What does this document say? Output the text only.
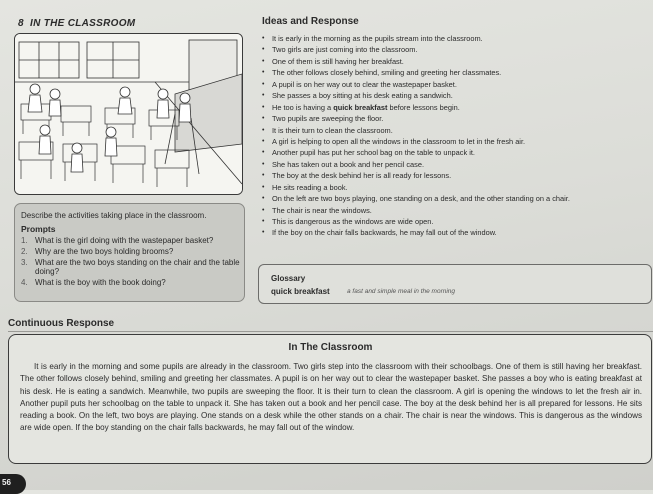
8 IN THE CLASSROOM
Describe the activities taking place in the classroom.
Prompts
1. What is the girl doing with the wastepaper basket?
2. Why are the two boys holding brooms?
3. What are the two boys standing on the chair and the table doing?
4. What is the boy with the book doing?
Ideas and Response
• It is early in the morning as the pupils stream into the classroom.
• Two girls are just coming into the classroom.
• One of them is still having her breakfast.
• The other follows closely behind, smiling and greeting her classmates.
• A pupil is on her way out to clear the wastepaper basket.
• She passes a boy sitting at his desk eating a sandwich.
• He too is having a quick breakfast before lessons begin.
• Two pupils are sweeping the floor.
• It is their turn to clean the classroom.
• A girl is helping to open all the windows in the classroom to let in the fresh air.
• Another pupil has put her school bag on the table to unpack it.
• She has taken out a book and her pencil case.
• The boy at the desk behind her is all ready for lessons.
• He sits reading a book.
• On the left are two boys playing, one standing on a desk, and the other standing on a chair.
• The chair is near the windows.
• This is dangerous as the windows are wide open.
• If the boy on the chair falls backwards, he may fall out of the window.
Glossary
quick breakfast	a fast and simple meal in the morning
Continuous Response
In The Classroom

It is early in the morning and some pupils are already in the classroom. Two girls step into the classroom with their schoolbags. One of them is still having her breakfast. The other follows closely behind, smiling and greeting her classmates. A pupil is on her way out to clear the wastepaper basket. She passes a boy who is eating breakfast at his desk. He is eating a sandwich. Meanwhile, two pupils are sweeping the floor. It is their turn to clean the classroom. A girl is opening the windows to let the fresh air in. Another pupil puts her schoolbag on the table to unpack it. She has taken out a book and her pencil case. The boy at the desk behind her is all prepared for lessons. He sits reading a book. On the left, two boys are playing. One stands on a desk while the other stands on a chair. The chair is near the windows. This is dangerous as the windows are wide open. If the boy standing on the chair falls backwards, he may fall out of the window.

56
